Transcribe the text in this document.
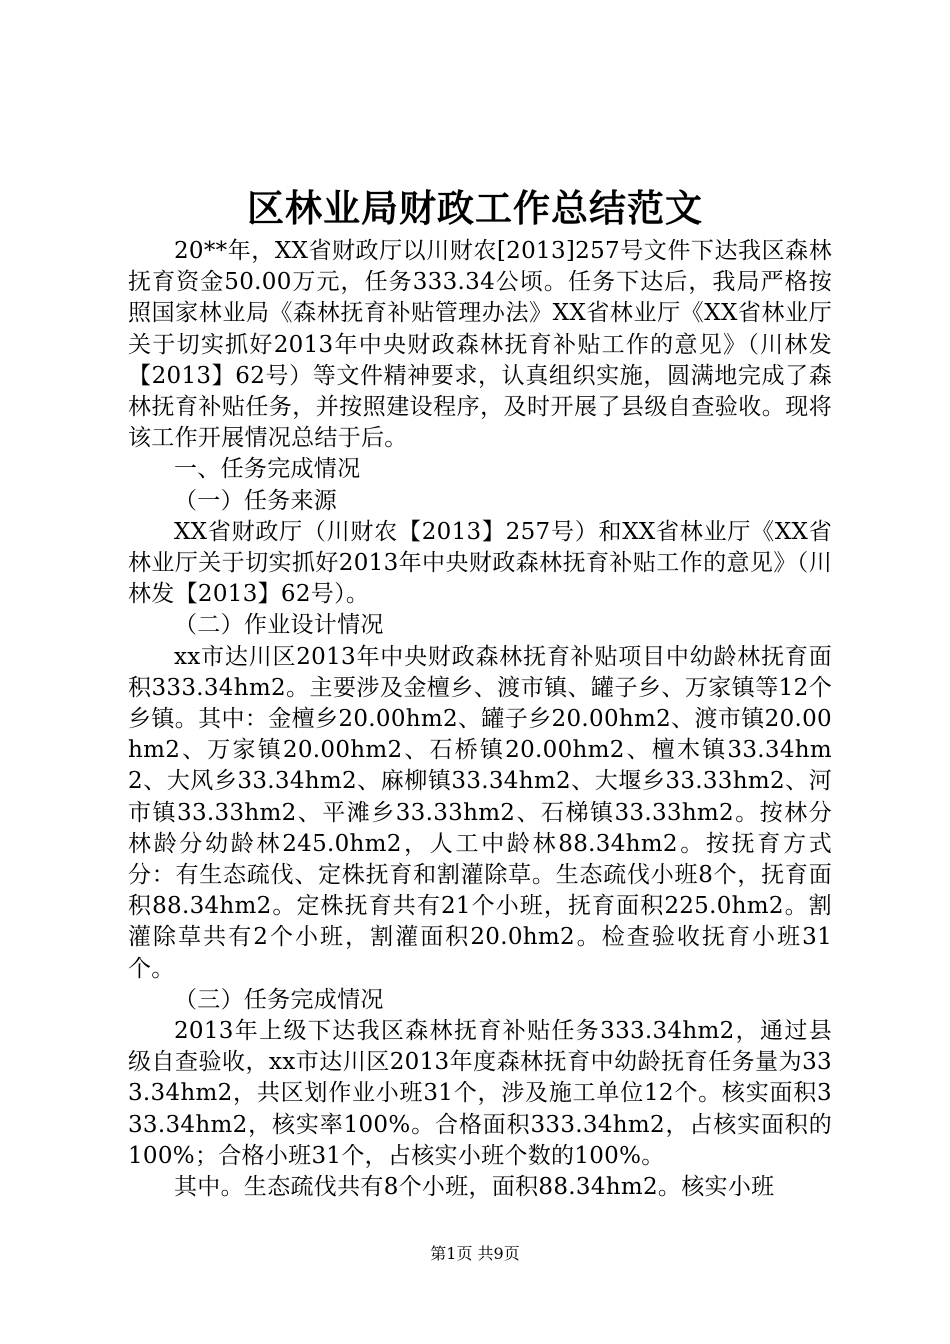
区林业局财政工作总结范文

20**年，XX省财政厅以川财农[2013]257号文件下达我区森林抚育资金50.00万元，任务333.34公顷。任务下达后，我局严格按照国家林业局《森林抚育补贴管理办法》XX省林业厅《XX省林业厅关于切实抓好2013年中央财政森林抚育补贴工作的意见》（川林发【2013】62号）等文件精神要求，认真组织实施，圆满地完成了森林抚育补贴任务，并按照建设程序，及时开展了县级自查验收。现将该工作开展情况总结于后。

一、任务完成情况

（一）任务来源

XX省财政厅（川财农【2013】257号）和XX省林业厅《XX省林业厅关于切实抓好2013年中央财政森林抚育补贴工作的意见》（川林发【2013】62号）。

（二）作业设计情况

xx市达川区2013年中央财政森林抚育补贴项目中幼龄林抚育面积333.34hm2。主要涉及金檀乡、渡市镇、罐子乡、万家镇等12个乡镇。其中：金檀乡20.00hm2、罐子乡20.00hm2、渡市镇20.00hm2、万家镇20.00hm2、石桥镇20.00hm2、檀木镇33.34hm2、大风乡33.34hm2、麻柳镇33.34hm2、大堰乡33.33hm2、河市镇33.33hm2、平滩乡33.33hm2、石梯镇33.33hm2。按林分林龄分幼龄林245.0hm2，人工中龄林88.34hm2。按抚育方式分：有生态疏伐、定株抚育和割灌除草。生态疏伐小班8个，抚育面积88.34hm2。定株抚育共有21个小班，抚育面积225.0hm2。割灌除草共有2个小班，割灌面积20.0hm2。检查验收抚育小班31个。

（三）任务完成情况

2013年上级下达我区森林抚育补贴任务333.34hm2，通过县级自查验收，xx市达川区2013年度森林抚育中幼龄抚育任务量为333.34hm2，共区划作业小班31个，涉及施工单位12个。核实面积333.34hm2，核实率100%。合格面积333.34hm2，占核实面积的100%；合格小班31个，占核实小班个数的100%。

其中。生态疏伐共有8个小班，面积88.34hm2。核实小班

第1页 共9页
